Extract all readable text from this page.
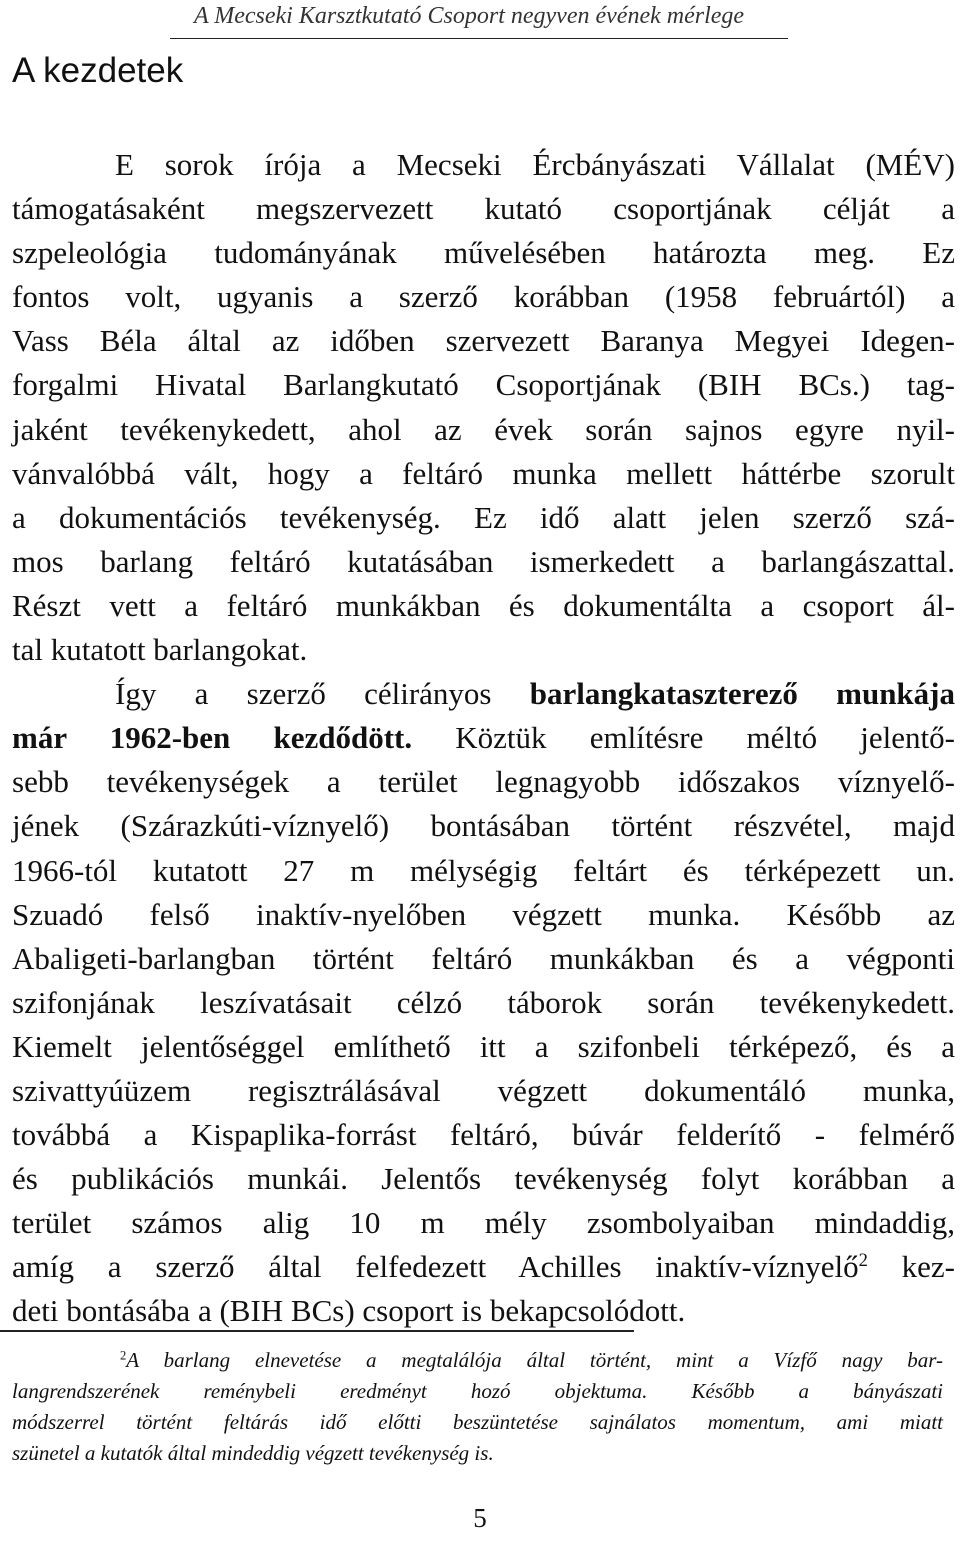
A Mecseki Karsztkutató Csoport negyven évének mérlege
A kezdetek
E sorok írója a Mecseki Ércbányászati Vállalat (MÉV)
támogatásaként megszervezett kutató csoportjának célját a
szpeleológia tudományának művelésében határozta meg. Ez
fontos volt, ugyanis a szerző korábban (1958 februártól) a
Vass Béla által az időben szervezett Baranya Megyei Idegen-
forgalmi Hivatal Barlangkutató Csoportjának (BIH BCs.) tag-
jaként tevékenykedett, ahol az évek során sajnos egyre nyil-
vánvalóbbá vált, hogy a feltáró munka mellett háttérbe szorult
a dokumentációs tevékenység. Ez idő alatt jelen szerző szá-
mos barlang feltáró kutatásában ismerkedett a barlangászattal.
Részt vett a feltáró munkákban és dokumentálta a csoport ál-
tal kutatott barlangokat.
Így a szerző célirányos barlangkataszterező munkája
már 1962-ben kezdődött. Köztük említésre méltó jelentő-
sebb tevékenységek a terület legnagyobb időszakos víznyelő-
jének (Szárazkúti-víznyelő) bontásában történt részvétel, majd
1966-tól kutatott 27 m mélységig feltárt és térképezett un.
Szuadó felső inaktív-nyelőben végzett munka. Később az
Abaligeti-barlangban történt feltáró munkákban és a végponti
szifonjának leszívatásait célzó táborok során tevékenykedett.
Kiemelt jelentőséggel említhető itt a szifonbeli térképező, és a
szivattyúüzem regisztrálásával végzett dokumentáló munka,
továbbá a Kispaplika-forrást feltáró, búvár felderítő - felmérő
és publikációs munkái. Jelentős tevékenység folyt korábban a
terület számos alig 10 m mély zsombolyaiban mindaddig,
amíg a szerző által felfedezett Achilles inaktív-víznyelő$^2$ kez-
deti bontásába a (BIH BCs) csoport is bekapcsolódott.
$^2$A barlang elnevetése a megtalálója által történt, mint a Vízfő nagy bar-
langrendszerének reménybeli eredményt hozó objektuma. Később a bányászati
módszerrel történt feltárás idő előtti beszüntetése sajnálatos momentum, ami miatt
szünetel a kutatók által mindeddig végzett tevékenység is.
5
